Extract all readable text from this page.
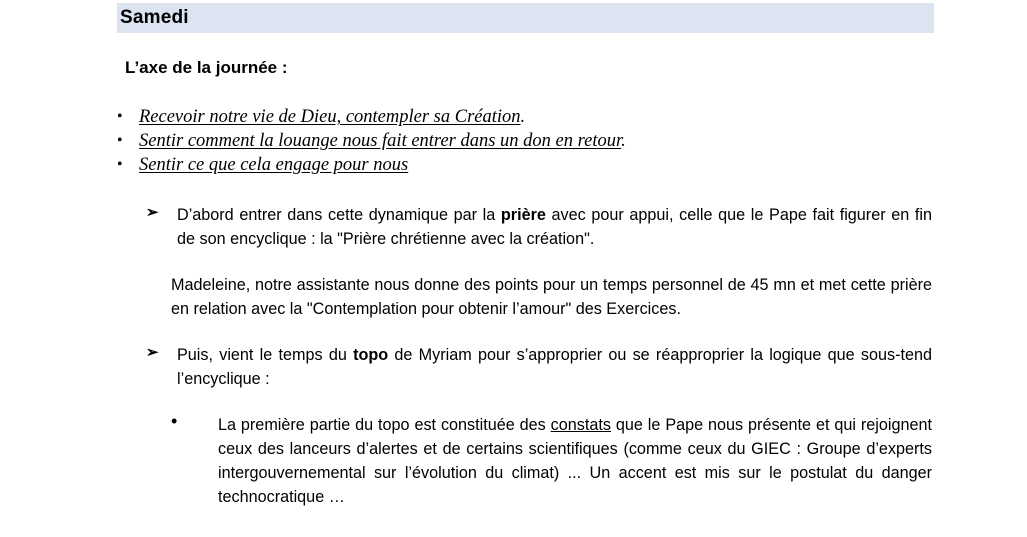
Samedi
L’axe de la journée :
• Recevoir notre vie de Dieu, contempler sa Création.
• Sentir comment la louange nous fait entrer dans un don en retour.
• Sentir ce que cela engage pour nous
➢ D’abord entrer dans cette dynamique par la prière avec pour appui, celle que le Pape fait figurer en fin de son encyclique : la "Prière chrétienne avec la création".
Madeleine, notre assistante nous donne des points pour un temps personnel de 45 mn et met cette prière en relation avec la "Contemplation pour obtenir l’amour" des Exercices.
➢ Puis, vient le temps du topo de Myriam pour s’approprier ou se réapproprier la logique que sous-tend l’encyclique :
•	La première partie du topo est constituée des constats que le Pape nous présente et qui rejoignent ceux des lanceurs d’alertes et de certains scientifiques (comme ceux du GIEC : Groupe d’experts intergouvernemental sur l’évolution du climat) ... Un accent est mis sur le postulat du danger technocratique …
